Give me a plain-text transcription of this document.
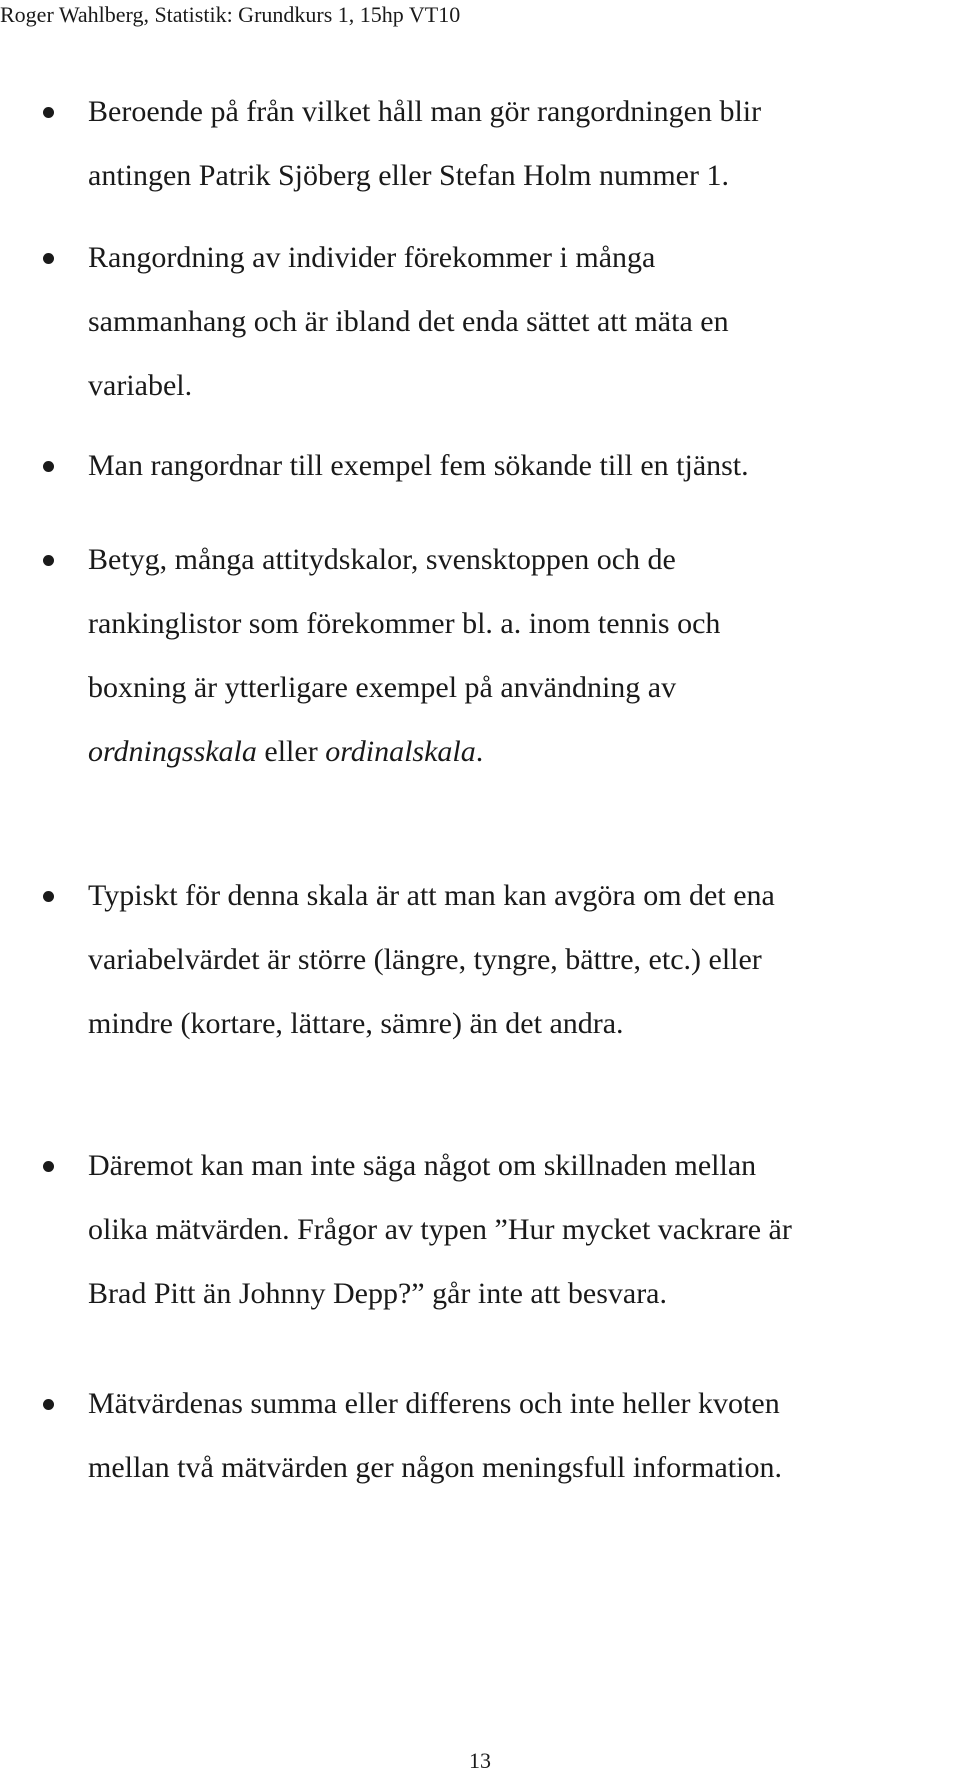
Roger Wahlberg, Statistik: Grundkurs 1, 15hp VT10
Beroende på från vilket håll man gör rangordningen blir
antingen Patrik Sjöberg eller Stefan Holm nummer 1.
Rangordning av individer förekommer i många
sammanhang och är ibland det enda sättet att mäta en
variabel.
Man rangordnar till exempel fem sökande till en tjänst.
Betyg, många attitydskalor, svensktoppen och de
rankinglistor som förekommer bl. a. inom tennis och
boxning är ytterligare exempel på användning av
ordningsskala eller ordinalskala.
Typiskt för denna skala är att man kan avgöra om det ena
variabelvärdet är större (längre, tyngre, bättre, etc.) eller
mindre (kortare, lättare, sämre) än det andra.
Däremot kan man inte säga något om skillnaden mellan
olika mätvärden. Frågor av typen ”Hur mycket vackrare är
Brad Pitt än Johnny Depp?” går inte att besvara.
Mätvärdenas summa eller differens och inte heller kvoten
mellan två mätvärden ger någon meningsfull information.
13
